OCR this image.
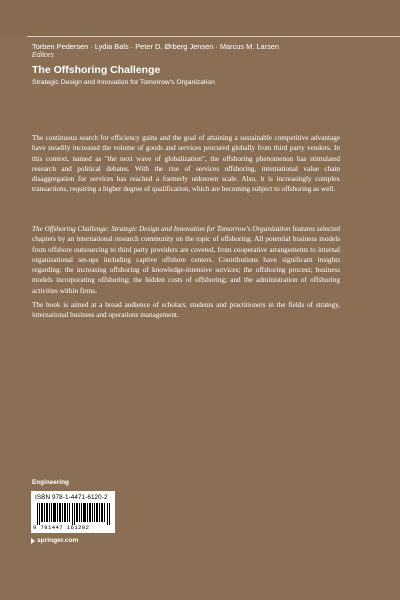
Torben Pedersen · Lydia Bals · Peter D. Ørberg Jensen · Marcus M. Larsen
Editors
The Offshoring Challenge
Strategic Design and Innovation for Tomorrow's Organization

The continuous search for efficiency gains and the goal of attaining a sustainable competitive advantage have steadily increased the volume of goods and services procured globally from third party vendors. In this context, named as "the next wave of globalization", the offshoring phenomenon has stimulated research and political debates. With the rise of services offshoring, international value chain disaggregation for services has reached a formerly unknown scale. Also, it is increasingly complex transactions, requiring a higher degree of qualification, which are becoming subject to offshoring as well.

The Offshoring Challenge: Strategic Design and Innovation for Tomorrow's Organization features selected chapters by an international research community on the topic of offshoring. All potential business models from offshore outsourcing to third party providers are covered, from cooperative arrangements to internal organizational set-ups including captive offshore centers. Contributions have significant insights regarding: the increasing offshoring of knowledge-intensive services; the offshoring process; business models incorporating offshoring; the hidden costs of offshoring; and the administration of offshoring activities within firms.

The book is aimed at a broad audience of scholars, students and practitioners in the fields of strategy, international business and operations management.

Engineering
ISBN 978-1-4471-6120-2
9 781447 161202
springer.com
